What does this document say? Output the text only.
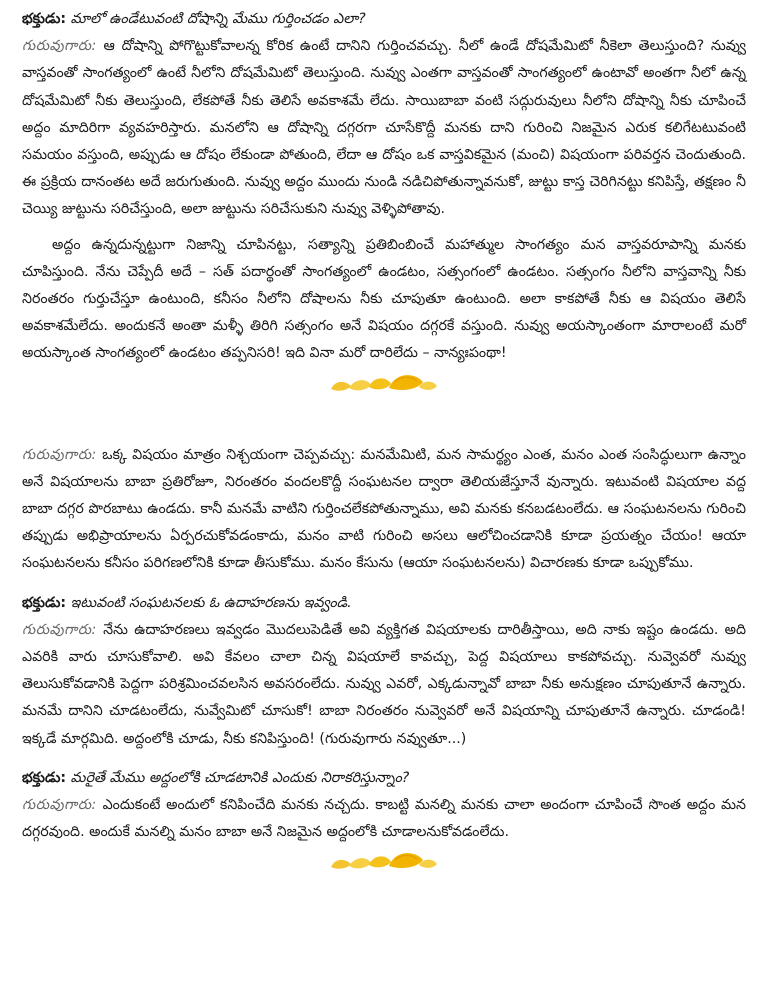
భక్తుడు: మాలో ఉండేటువంటి దోషాన్ని మేము గుర్తించడం ఎలా?

గురువుగారు: ఆ దోషాన్ని పోగొట్టుకోవాలన్న కోరిక ఉంటే దానిని గుర్తించవచ్చు. నీలో ఉండే దోషమేమిటో నీకెలా తెలుస్తుంది? నువ్వు వాస్తవంతో సాంగత్యంలో ఉంటే నీలోని దోషమేమిటో తెలుస్తుంది. నువ్వు ఎంతగా వాస్తవంతో సాంగత్యంలో ఉంటావో అంతగా నీలో ఉన్న దోషమేమిటో నీకు తెలుస్తుంది, లేకపోతే నీకు తెలిసే అవకాశమే లేదు. సాయిబాబా వంటి సద్గురువులు నీలోని దోషాన్ని నీకు చూపించే అద్దం మాదిరిగా వ్యవహరిస్తారు. మనలోని ఆ దోషాన్ని దగ్గరగా చూసేకొద్దీ మనకు దాని గురించి నిజమైన ఎరుక కలిగేటటువంటి సమయం వస్తుంది, అప్పుడు ఆ దోషం లేకుండా పోతుంది, లేదా ఆ దోషం ఒక వాస్తవికమైన (మంచి) విషయంగా పరివర్తన చెందుతుంది. ఈ ప్రక్రియ దానంతట అదే జరుగుతుంది. నువ్వు అద్దం ముందు నుండి నడిచిపోతున్నావనుకో, జుట్టు కాస్త చెరిగినట్టు కనిపిస్తే, తక్షణం నీ చెయ్యి జుట్టును సరిచేస్తుంది, అలా జుట్టును సరిచేసుకుని నువ్వు వెళ్ళిపోతావు.

అద్దం ఉన్నదున్నట్టుగా నిజాన్ని చూపినట్టు, సత్యాన్ని ప్రతిబింబించే మహాత్ముల సాంగత్యం మన వాస్తవరూపాన్ని మనకు చూపిస్తుంది. నేను చెప్పేదీ అదే – సత్ పదార్థంతో సాంగత్యంలో ఉండటం, సత్సంగంలో ఉండటం. సత్సంగం నీలోని వాస్తవాన్ని నీకు నిరంతరం గుర్తుచేస్తూ ఉంటుంది, కనీసం నీలోని దోషాలను నీకు చూపుతూ ఉంటుంది. అలా కాకపోతే నీకు ఆ విషయం తెలిసే అవకాశమేలేదు. అందుకనే అంతా మళ్ళీ తిరిగి సత్సంగం అనే విషయం దగ్గరకే వస్తుంది. నువ్వు అయస్కాంతంగా మారాలంటే మరో అయస్కాంత సాంగత్యంలో ఉండటం తప్పనిసరి! ఇది వినా మరో దారిలేదు – నాన్యఃపంథా!

గురువుగారు: ఒక్క విషయం మాత్రం నిశ్చయంగా చెప్పవచ్చు: మనమేమిటి, మన సామర్థ్యం ఎంత, మనం ఎంత సంసిద్ధులుగా ఉన్నాం అనే విషయాలను బాబా ప్రతిరోజూ, నిరంతరం వందలకొద్దీ సంఘటనల ద్వారా తెలియజేస్తూనే వున్నారు. ఇటువంటి విషయాల వద్ద బాబా దగ్గర పొరబాటు ఉండదు. కానీ మనమే వాటిని గుర్తించలేకపోతున్నాము, అవి మనకు కనబడటంలేదు. ఆ సంఘటనలను గురించి తప్పుడు అభిప్రాయాలను ఏర్పరచుకోవడంకాదు, మనం వాటి గురించి అసలు ఆలోచించడానికి కూడా ప్రయత్నం చేయం! ఆయా సంఘటనలను కనీసం పరిగణలోనికి కూడా తీసుకోము. మనం కేసును (ఆయా సంఘటనలను) విచారణకు కూడా ఒప్పుకోము.

భక్తుడు: ఇటువంటి సంఘటనలకు ఓ ఉదాహరణను ఇవ్వండి.

గురువుగారు: నేను ఉదాహరణలు ఇవ్వడం మొదలుపెడితే అవి వ్యక్తిగత విషయాలకు దారితీస్తాయి, అది నాకు ఇష్టం ఉండదు. అది ఎవరికి వారు చూసుకోవాలి. అవి కేవలం చాలా చిన్న విషయాలే కావచ్చు, పెద్ద విషయాలు కాకపోవచ్చు. నువ్వెవరో నువ్వు తెలుసుకోవడానికి పెద్దగా పరిశ్రమించవలసిన అవసరంలేదు. నువ్వు ఎవరో, ఎక్కడున్నావో బాబా నీకు అనుక్షణం చూపుతూనే ఉన్నారు. మనమే దానిని చూడటంలేదు, నువ్వేమిటో చూసుకో! బాబా నిరంతరం నువ్వెవరో అనే విషయాన్ని చూపుతూనే ఉన్నారు. చూడండి! ఇక్కడే మార్గమిది. అద్దంలోకి చూడు, నీకు కనిపిస్తుంది! (గురువుగారు నవ్వుతూ...)

భక్తుడు: మరైతే మేము అద్దంలోకి చూడటానికి ఎందుకు నిరాకరిస్తున్నాం?

గురువుగారు: ఎందుకంటే అందులో కనిపించేది మనకు నచ్చదు. కాబట్టి మనల్ని మనకు చాలా అందంగా చూపించే సొంత అద్దం మన దగ్గరవుంది. అందుకే మనల్ని మనం బాబా అనే నిజమైన అద్దంలోకి చూడాలనుకోవడంలేదు.
